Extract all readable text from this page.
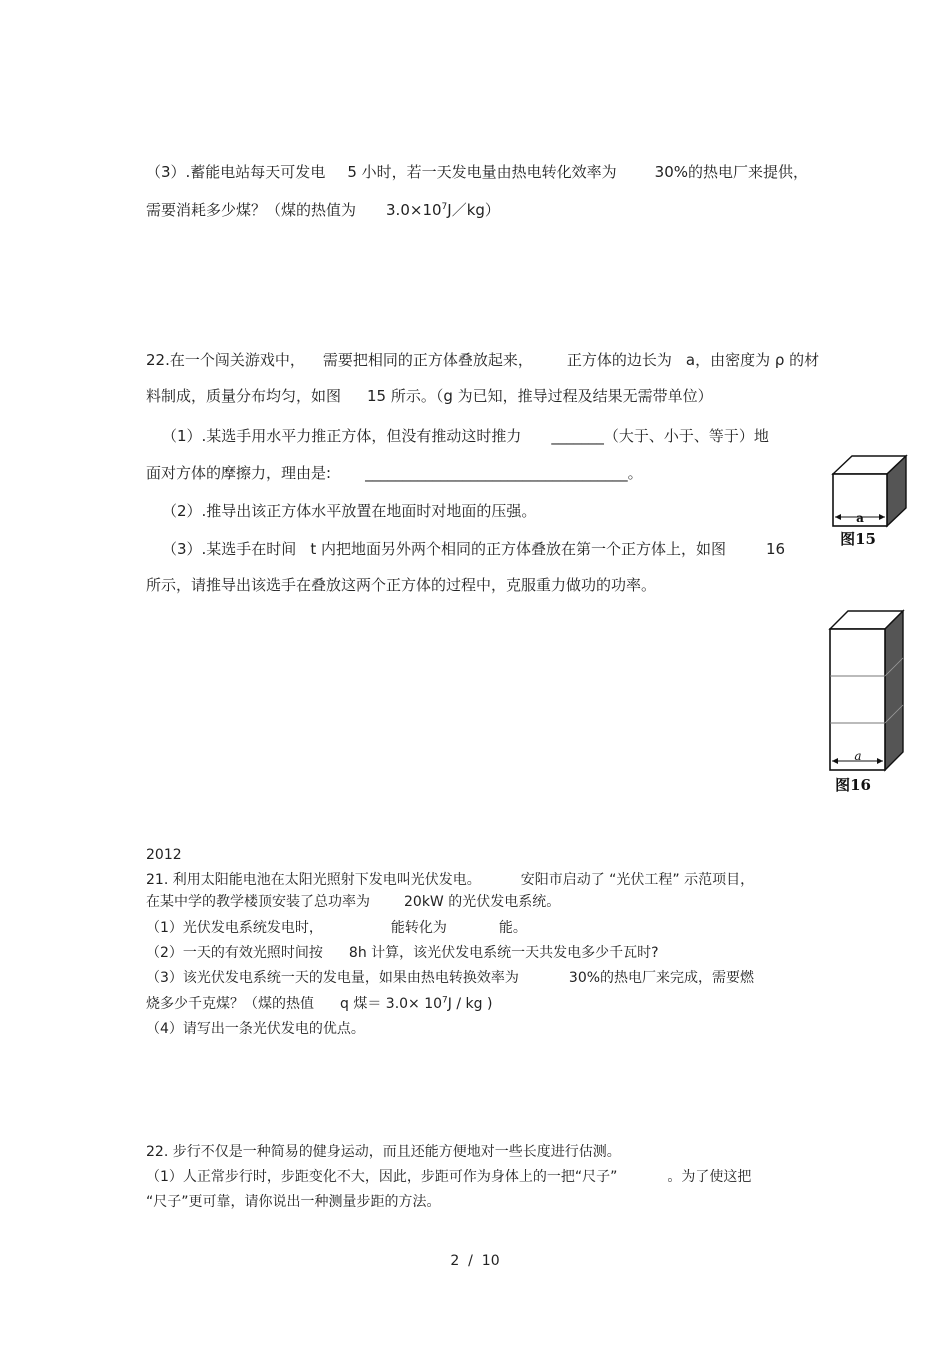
（3）.蓄能电站每天可发电 5 小时，若一天发电量由热电转化效率为	30%的热电厂来提供，
需要消耗多少煤？（煤的热值为 $3.0\times 10^7J/kg$）
22.在一个闯关游戏中， 需要把相同的正方体叠放起来， 正方体的边长为 a，由密度为 ρ 的材
料制成，质量分布均匀，如图 15 所示。（g 为已知，推导过程及结果无需带单位）
（1）.某选手用水平力推正方体，但没有推动这时推力 _______（大于、小于、等于）地
面对方体的摩擦力，理由是: ___________________________________。
（2）.推导出该正方体水平放置在地面时对地面的压强。
（3）.某选手在时间 t 内把地面另外两个相同的正方体叠放在第一个正方体上，如图	16
所示，请推导出该选手在叠放这两个正方体的过程中，克服重力做功的功率。
a
图15
a
图16
2012
21. 利用太阳能电池在太阳光照射下发电叫光伏发电。	安阳市启动了 “光伏工程” 示范项目，
在某中学的教学楼顶安装了总功率为 20kW 的光伏发电系统。
（1）光伏发电系统发电时，	能转化为	能。
（2）一天的有效光照时间按 8h 计算，该光伏发电系统一天共发电多少千瓦时?
（3）该光伏发电系统一天的发电量，如果由热电转换效率为	30%的热电厂来完成，需要燃
烧多少千克煤？（煤的热值 q 煤＝ $3.0\times 10^7J$ / kg )
（4）请写出一条光伏发电的优点。
22. 步行不仅是一种简易的健身运动，而且还能方便地对一些长度进行估测。
（1）人正常步行时，步距变化不大，因此，步距可作为身体上的一把“尺子”	。为了使这把
“尺子”更可靠，请你说出一种测量步距的方法。
2  /  10
